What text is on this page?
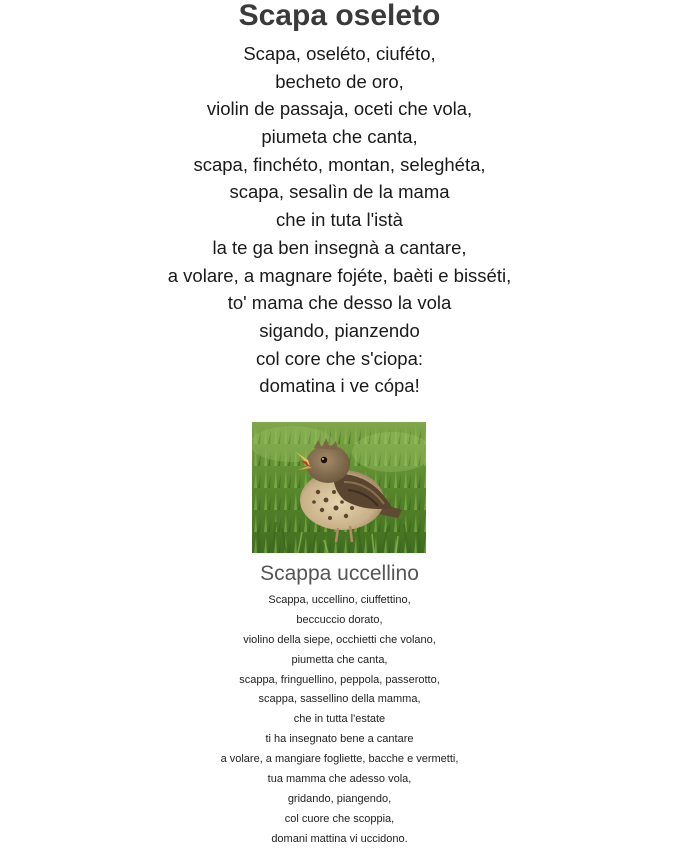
Scapa oseleto
Scapa, oseléto, ciuféto,
becheto de oro,
violin de passaja, oceti che vola,
piumeta che canta,
scapa, finchéto, montan, seleghéta,
scapa, sesalìn de la mama
che in tuta l'istà
la te ga ben insegnà a cantare,
a volare, a magnare fojéte, baèti e bisséti,
to' mama che desso la vola
sigando, pianzendo
col core che s'ciopa:
domatina i ve cópa!
Scappa uccellino
Scappa, uccellino, ciuffettino,
beccuccio dorato,
violino della siepe, occhietti che volano,
piumetta che canta,
scappa, fringuellino, peppola, passerotto,
scappa, sassellino della mamma,
che in tutta l'estate
ti ha insegnato bene a cantare
a volare, a mangiare fogliette, bacche e vermetti,
tua mamma che adesso vola,
gridando, piangendo,
col cuore che scoppia,
domani mattina vi uccidono.
